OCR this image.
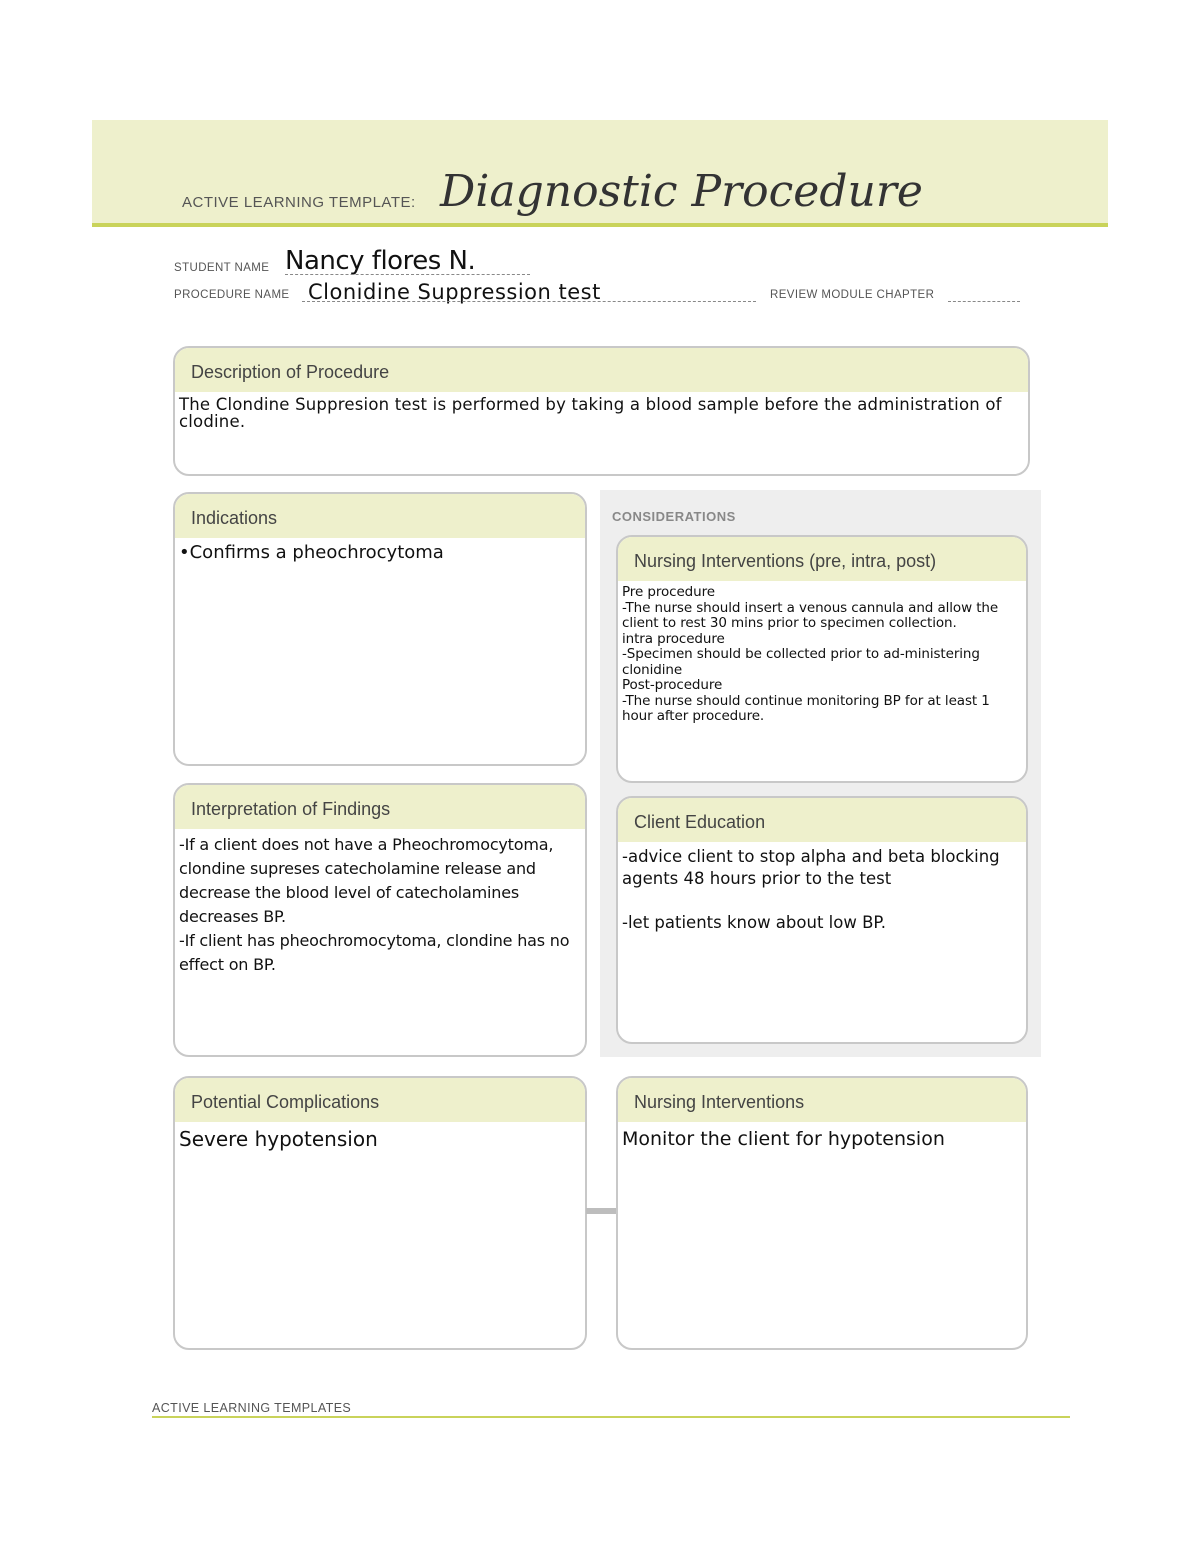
ACTIVE LEARNING TEMPLATE: Diagnostic Procedure
STUDENT NAME Nancy flores N.
PROCEDURE NAME Clonidine Suppression test	REVIEW MODULE CHAPTER
Description of Procedure
The Clondine Suppresion test is performed by taking a blood sample before the administration of clodine.
Indications
•Confirms a pheochrocytoma
CONSIDERATIONS
Nursing Interventions (pre, intra, post)
Pre procedure
-The nurse should insert a venous cannula and allow the client to rest 30 mins prior to specimen collection.
intra procedure
-Specimen should be collected prior to ad-ministering clonidine
Post-procedure
-The nurse should continue monitoring BP for at least 1 hour after procedure.
Client Education
-advice client to stop alpha and beta blocking agents 48 hours prior to the test

-let patients know about low BP.
Interpretation of Findings
-If a client does not have a Pheochromocytoma, clondine supreses catecholamine release and decrease the blood level of catecholamines decreases BP.
-If client has pheochromocytoma, clondine has no effect on BP.
Potential Complications
Severe hypotension
Nursing Interventions
Monitor the client for hypotension
ACTIVE LEARNING TEMPLATES
